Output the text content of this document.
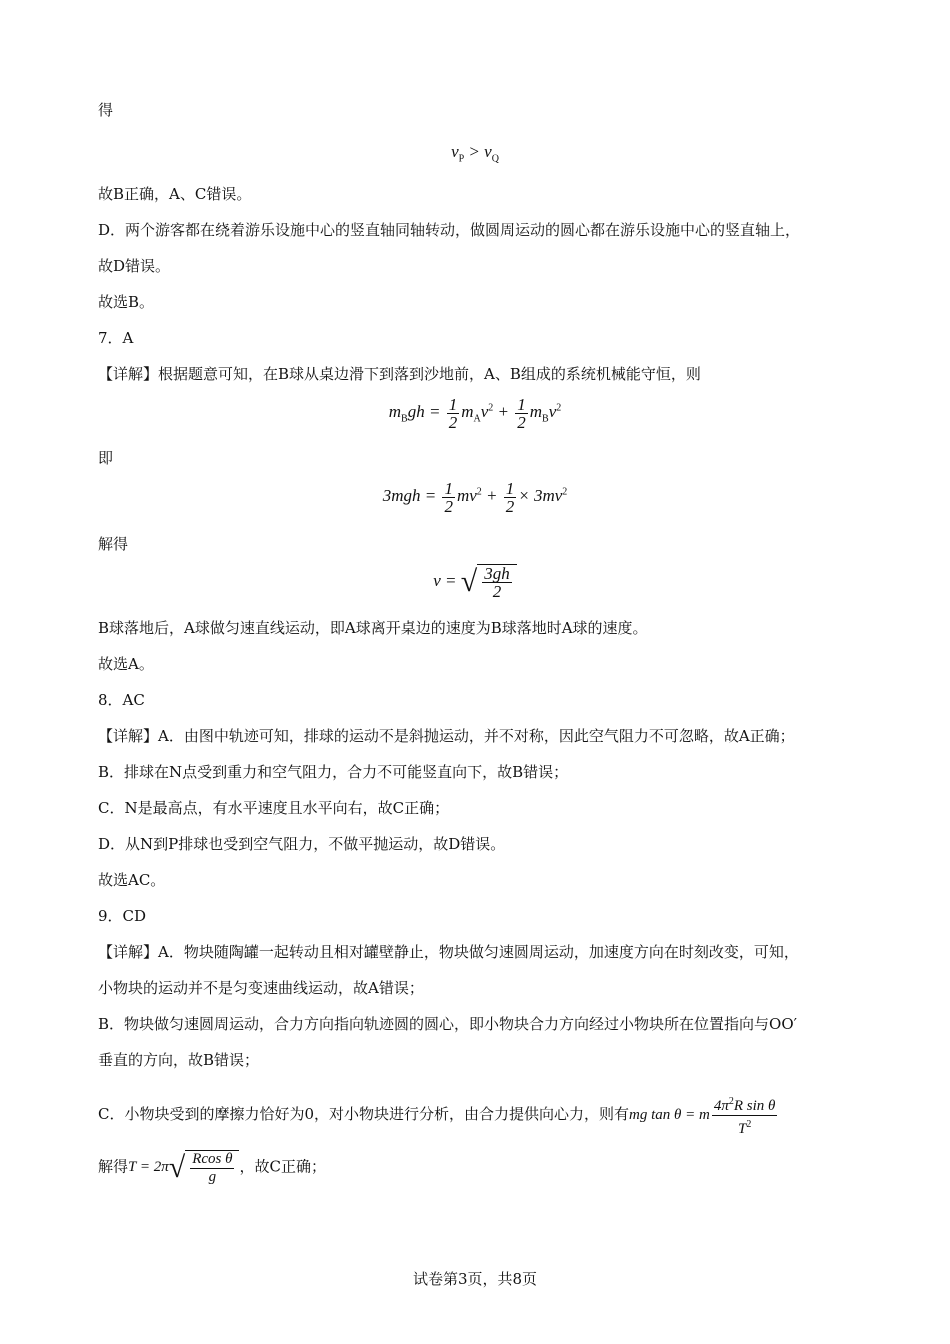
得
$v_P > v_Q$
故B正确，A、C错误。
D．两个游客都在绕着游乐设施中心的竖直轴同轴转动，做圆周运动的圆心都在游乐设施中心的竖直轴上，
故D错误。
故选B。
7．A
【详解】根据题意可知，在B球从桌边滑下到落到沙地前，A、B组成的系统机械能守恒，则
$m_Bgh = \frac{1}{2} m_Av^2 + \frac{1}{2} m_Bv^2$
即
$3mgh = \frac{1}{2} mv^2 + \frac{1}{2} \times 3mv^2$
解得
v = √ $\frac{3gh}{2}$
B球落地后，A球做匀速直线运动，即A球离开桌边的速度为B球落地时A球的速度。
故选A。
8．AC
【详解】A．由图中轨迹可知，排球的运动不是斜抛运动，并不对称，因此空气阻力不可忽略，故A正确；
B．排球在N点受到重力和空气阻力，合力不可能竖直向下，故B错误；
C．N是最高点，有水平速度且水平向右，故C正确；
D．从N到P排球也受到空气阻力，不做平抛运动，故D错误。
故选AC。
9．CD
【详解】A．物块随陶罐一起转动且相对罐壁静止，物块做匀速圆周运动，加速度方向在时刻改变，可知，
小物块的运动并不是匀变速曲线运动，故A错误；
B．物块做匀速圆周运动，合力方向指向轨迹圆的圆心，即小物块合力方向经过小物块所在位置指向与OO′
垂直的方向，故B错误；
C．小物块受到的摩擦力恰好为0，对小物块进行分析，由合力提供向心力，则有mg tan θ = m $\frac{4\pi^2R \sin \theta}{T^2}$
解得$T = 2\pi√ \frac{\text{Rcos θ}}{g}$ ，故C正确；
试卷第3页，共8页
